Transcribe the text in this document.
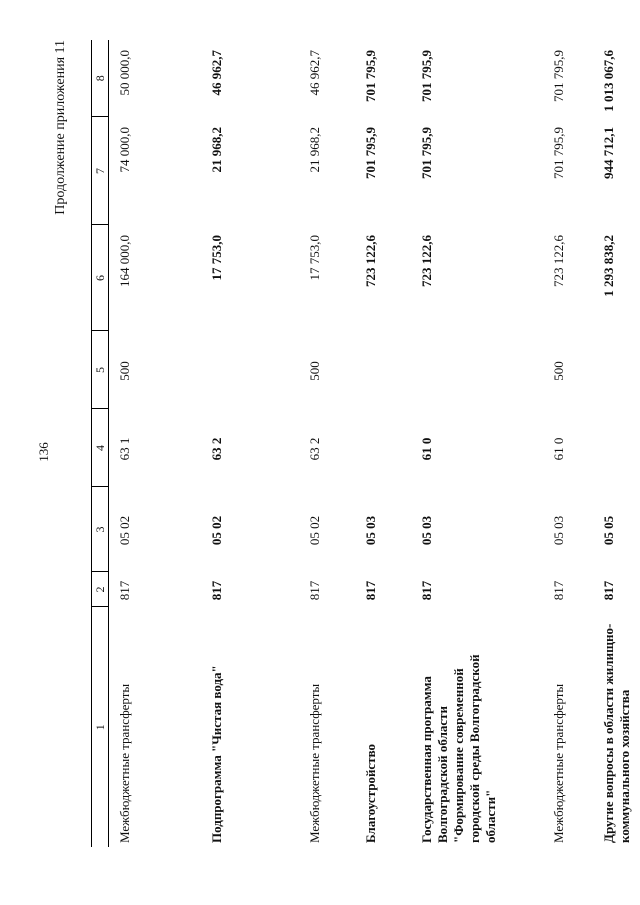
136
Продолжение приложения 11
1	2	3	4	5	6	7	8
Межбюджетные трансферты	817	05 02	63 1	500	164 000,0	74 000,0	50 000,0
Подпрограмма "Чистая вода"	817	05 02	63 2		17 753,0	21 968,2	46 962,7
Межбюджетные трансферты	817	05 02	63 2	500	17 753,0	21 968,2	46 962,7
Благоустройство	817	05 03			723 122,6	701 795,9	701 795,9
Государственная программа Волгоградской области "Формирование современной городской среды Волгоградской области"	817	05 03	61 0		723 122,6	701 795,9	701 795,9
Межбюджетные трансферты	817	05 03	61 0	500	723 122,6	701 795,9	701 795,9
Другие вопросы в области жилищно-коммунального хозяйства	817	05 05			1 293 838,2	944 712,1	1 013 067,6
